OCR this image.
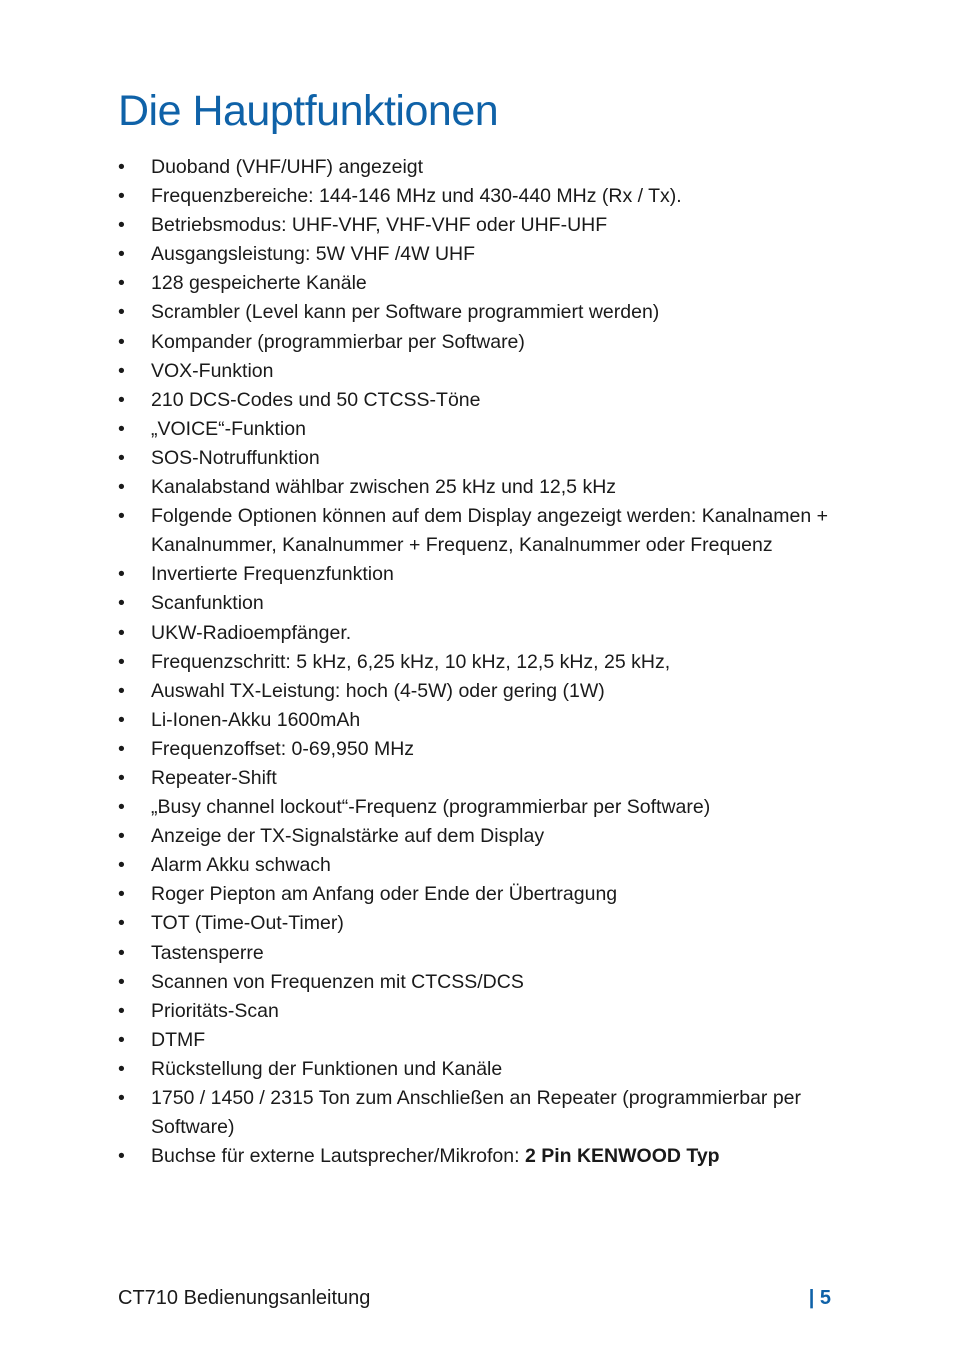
Die Hauptfunktionen
• Duoband (VHF/UHF) angezeigt
• Frequenzbereiche: 144-146 MHz und 430-440 MHz (Rx / Tx).
• Betriebsmodus: UHF-VHF, VHF-VHF oder UHF-UHF
• Ausgangsleistung: 5W VHF /4W UHF
• 128 gespeicherte Kanäle
• Scrambler (Level kann per Software programmiert werden)
• Kompander (programmierbar per Software)
• VOX-Funktion
• 210 DCS-Codes und 50 CTCSS-Töne
• „VOICE“-Funktion
• SOS-Notruffunktion
• Kanalabstand wählbar zwischen 25 kHz und 12,5 kHz
• Folgende Optionen können auf dem Display angezeigt werden: Kanalnamen + Kanalnummer, Kanalnummer + Frequenz, Kanalnummer oder Frequenz
• Invertierte Frequenzfunktion
• Scanfunktion
• UKW-Radioempfänger.
• Frequenzschritt: 5 kHz, 6,25 kHz, 10 kHz, 12,5 kHz, 25 kHz,
• Auswahl TX-Leistung: hoch (4-5W) oder gering (1W)
• Li-Ionen-Akku 1600mAh
• Frequenzoffset: 0-69,950 MHz
• Repeater-Shift
• „Busy channel lockout“-Frequenz (programmierbar per Software)
• Anzeige der TX-Signalstärke auf dem Display
• Alarm Akku schwach
• Roger Piepton am Anfang oder Ende der Übertragung
• TOT (Time-Out-Timer)
• Tastensperre
• Scannen von Frequenzen mit CTCSS/DCS
• Prioritäts-Scan
• DTMF
• Rückstellung der Funktionen und Kanäle
• 1750 / 1450 / 2315 Ton zum Anschließen an Repeater (programmierbar per Software)
• Buchse für externe Lautsprecher/Mikrofon: 2 Pin KENWOOD Typ
CT710 Bedienungsanleitung	| 5
